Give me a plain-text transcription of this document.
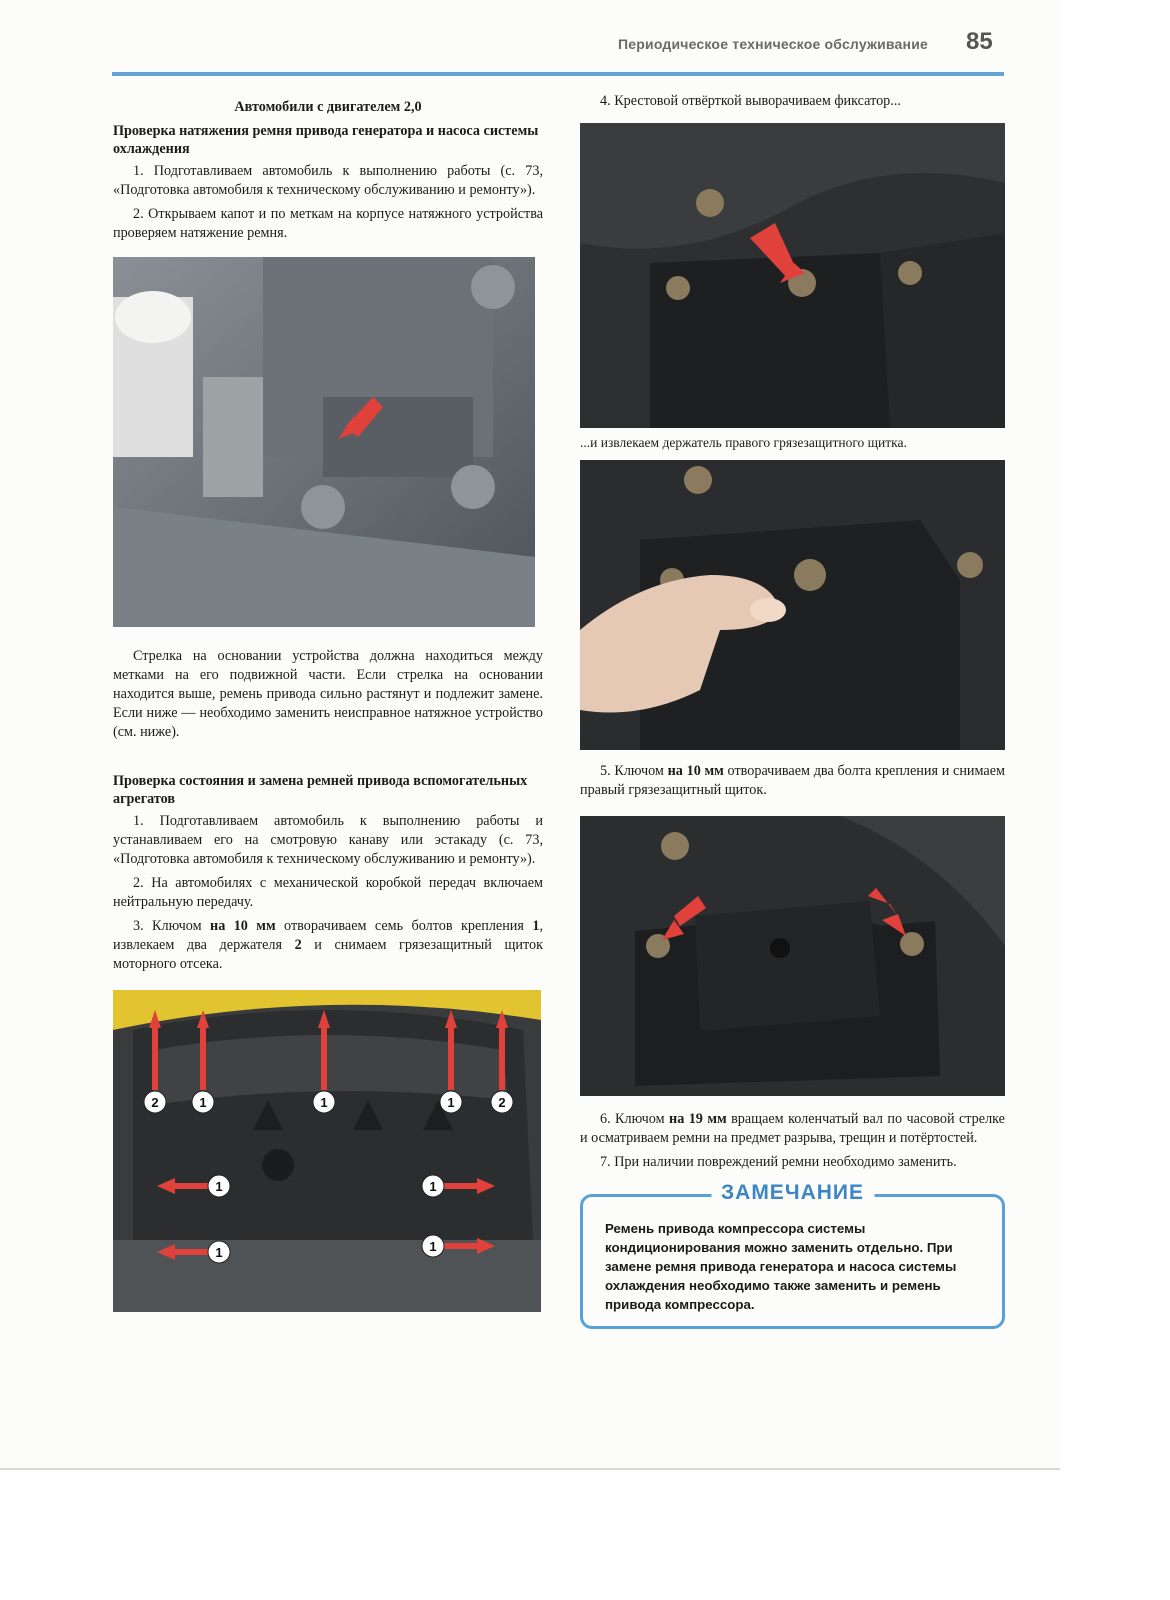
Периодическое техническое обслуживание 85
Автомобили с двигателем 2,0
Проверка натяжения ремня привода генератора и насоса системы охлаждения

1. Подготавливаем автомобиль к выполнению работы (с. 73, «Подготовка автомобиля к техническому обслуживанию и ремонту»).

2. Открываем капот и по меткам на корпусе натяжного устройства проверяем натяжение ремня.

Стрелка на основании устройства должна находиться между метками на его подвижной части. Если стрелка на основании находится выше, ремень привода сильно растянут и подлежит замене. Если ниже — необходимо заменить неисправное натяжное устройство (см. ниже).

Проверка состояния и замена ремней привода вспомогательных агрегатов

1. Подготавливаем автомобиль к выполнению работы и устанавливаем его на смотровую канаву или эстакаду (с. 73, «Подготовка автомобиля к техническому обслуживанию и ремонту»).

2. На автомобилях с механической коробкой передач включаем нейтральную передачу.

3. Ключом на 10 мм отворачиваем семь болтов крепления 1, извлекаем два держателя 2 и снимаем грязезащитный щиток моторного отсека.

2	1	1	1	2
1	1
1	1

4. Крестовой отвёрткой выворачиваем фиксатор...

...и извлекаем держатель правого грязезащитного щитка.

5. Ключом на 10 мм отворачиваем два болта крепления и снимаем правый грязезащитный щиток.

6. Ключом на 19 мм вращаем коленчатый вал по часовой стрелке и осматриваем ремни на предмет разрыва, трещин и потёртостей.

7. При наличии повреждений ремни необходимо заменить.

ЗАМЕЧАНИЕ
Ремень привода компрессора системы кондиционирования можно заменить отдельно. При замене ремня привода генератора и насоса системы охлаждения необходимо также заменить и ремень привода компрессора.
